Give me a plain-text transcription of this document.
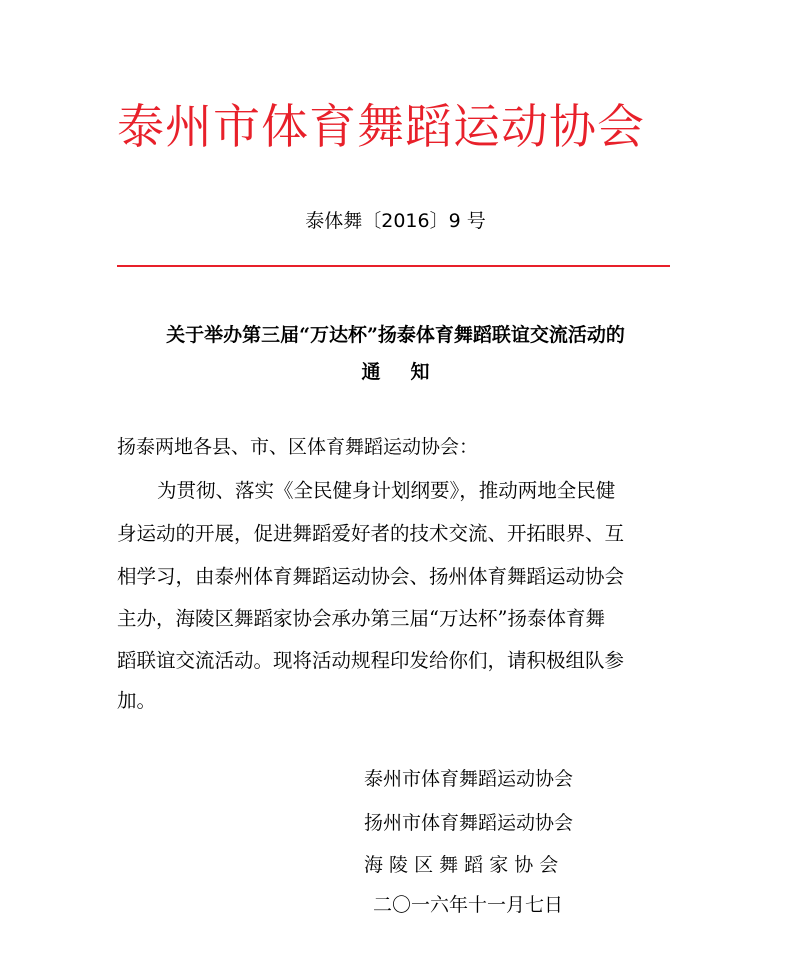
泰州市体育舞蹈运动协会
泰体舞〔2016〕9 号
关于举办第三届“万达杯”扬泰体育舞蹈联谊交流活动的
通 知
扬泰两地各县、市、区体育舞蹈运动协会：
为贯彻、落实《全民健身计划纲要》，推动两地全民健
身运动的开展，促进舞蹈爱好者的技术交流、开拓眼界、互
相学习，由泰州体育舞蹈运动协会、扬州体育舞蹈运动协会
主办，海陵区舞蹈家协会承办第三届“万达杯”扬泰体育舞
蹈联谊交流活动。现将活动规程印发给你们，请积极组队参
加。
泰州市体育舞蹈运动协会
扬州市体育舞蹈运动协会
海 陵 区 舞 蹈 家 协 会
二〇一六年十一月七日
